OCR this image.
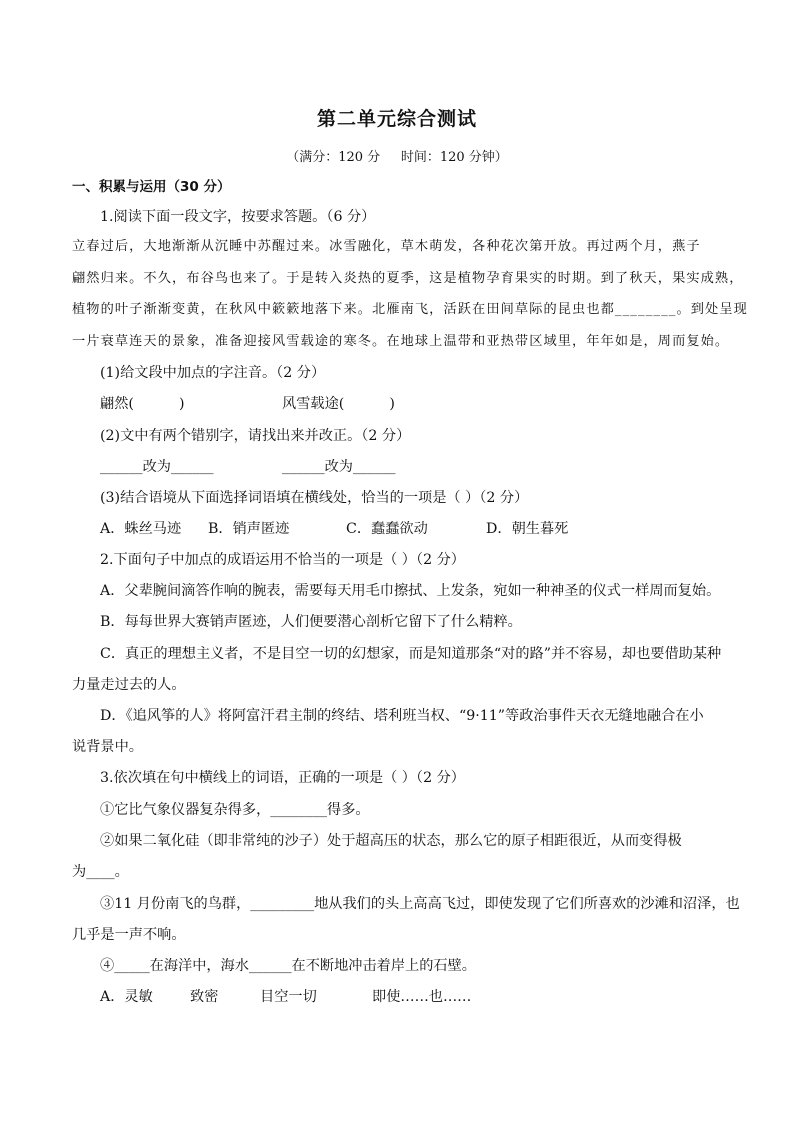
第二单元综合测试
（满分：120 分     时间：120 分钟）
一、积累与运用（30 分）
1.阅读下面一段文字，按要求答题。（6 分）
立春过后，大地渐渐从沉睡中苏醒过来。冰雪融化，草木萌发，各种花次第开放。再过两个月，燕子
翩然归来。不久，布谷鸟也来了。于是转入炎热的夏季，这是植物孕育果实的时期。到了秋天，果实成熟，
植物的叶子渐渐变黄，在秋风中簌簌地落下来。北雁南飞，活跃在田间草际的昆虫也都________。到处呈现
一片衰草连天的景象，准备迎接风雪载途的寒冬。在地球上温带和亚热带区域里，年年如是，周而复始。
(1)给文段中加点的字注音。（2 分）
翩然(          )	风雪载途(          )
(2)文中有两个错别字，请找出来并改正。（2 分）
______改为______	______改为______
(3)结合语境从下面选择词语填在横线处，恰当的一项是（ ）（2 分）
A．蛛丝马迹 B．销声匿迹	C．蠢蠢欲动	D．朝生暮死
2.下面句子中加点的成语运用不恰当的一项是（ ）（2 分）
A．父辈腕间滴答作响的腕表，需要每天用毛巾擦拭、上发条，宛如一种神圣的仪式一样周而复始。
B．每每世界大赛销声匿迹，人们便要潜心剖析它留下了什么精粹。
C．真正的理想主义者，不是目空一切的幻想家，而是知道那条“对的路”并不容易，却也要借助某种
力量走过去的人。
D．《追风筝的人》将阿富汗君主制的终结、塔利班当权、“9·11”等政治事件天衣无缝地融合在小
说背景中。
3.依次填在句中横线上的词语，正确的一项是（ ）（2 分）
①它比气象仪器复杂得多，________得多。
②如果二氧化硅（即非常纯的沙子）处于超高压的状态，那么它的原子相距很近，从而变得极
为____。
③11 月份南飞的鸟群，_________地从我们的头上高高飞过，即使发现了它们所喜欢的沙滩和沼泽，也
几乎是一声不响。
④_____在海洋中，海水______在不断地冲击着岸上的石壁。
A．灵敏	致密	目空一切	即使……也……
